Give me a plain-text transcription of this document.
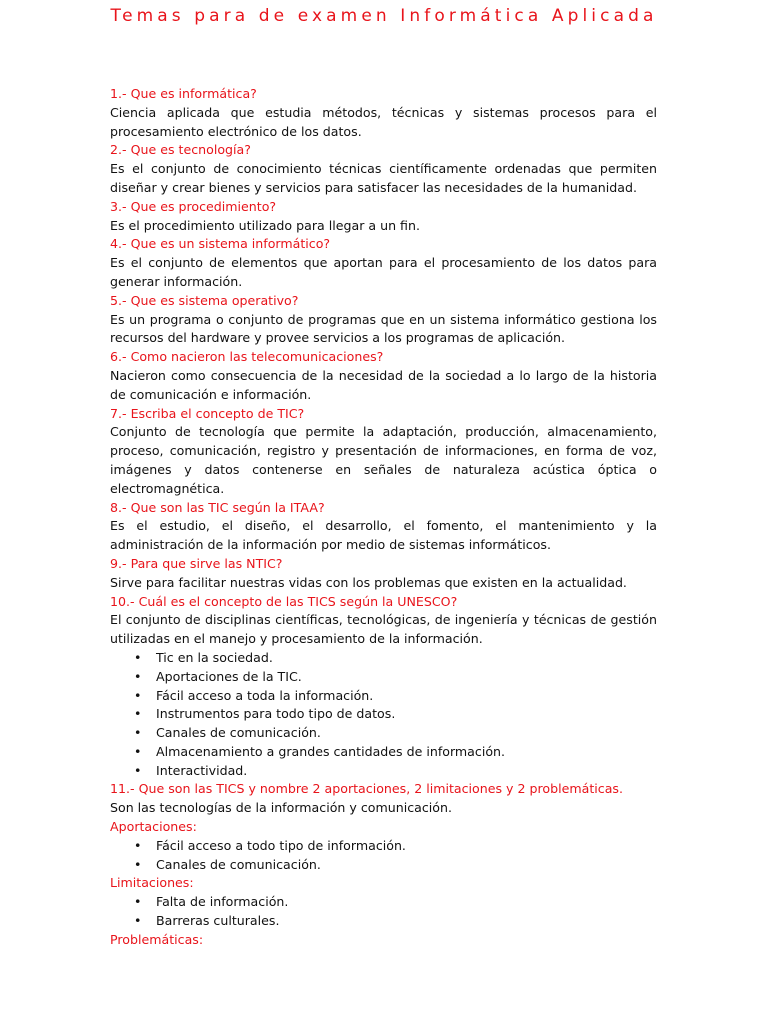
Temas para de examen Informática Aplicada
1.- Que es informática?
Ciencia aplicada que estudia métodos, técnicas y sistemas procesos para el procesamiento electrónico de los datos.
2.- Que es tecnología?
Es el conjunto de conocimiento técnicas científicamente ordenadas que permiten diseñar y crear bienes y servicios para satisfacer las necesidades de la humanidad.
3.- Que es procedimiento?
Es el procedimiento utilizado para llegar a un fin.
4.- Que es un sistema informático?
Es el conjunto de elementos que aportan para el procesamiento de los datos para generar información.
5.- Que es sistema operativo?
Es un programa o conjunto de programas que en un sistema informático gestiona los recursos del hardware y provee servicios a los programas de aplicación.
6.- Como nacieron las telecomunicaciones?
Nacieron como consecuencia de la necesidad de la sociedad a lo largo de la historia de comunicación e información.
7.- Escriba el concepto de TIC?
Conjunto de tecnología que permite la adaptación, producción, almacenamiento, proceso, comunicación, registro y presentación de informaciones, en forma de voz, imágenes y datos contenerse en señales de naturaleza acústica óptica o electromagnética.
8.- Que son las TIC según la ITAA?
Es el estudio, el diseño, el desarrollo, el fomento, el mantenimiento y la administración de la información por medio de sistemas informáticos.
9.- Para que sirve las NTIC?
Sirve para facilitar nuestras vidas con los problemas que existen en la actualidad.
10.- Cuál es el concepto de las TICS según la UNESCO?
El conjunto de disciplinas científicas, tecnológicas, de ingeniería y técnicas de gestión utilizadas en el manejo y procesamiento de la información.
• Tic en la sociedad.
• Aportaciones de la TIC.
• Fácil acceso a toda la información.
• Instrumentos para todo tipo de datos.
• Canales de comunicación.
• Almacenamiento a grandes cantidades de información.
• Interactividad.
11.- Que son las TICS y nombre 2 aportaciones, 2 limitaciones y 2 problemáticas.
Son las tecnologías de la información y comunicación.
Aportaciones:
• Fácil acceso a todo tipo de información.
• Canales de comunicación.
Limitaciones:
• Falta de información.
• Barreras culturales.
Problemáticas:
